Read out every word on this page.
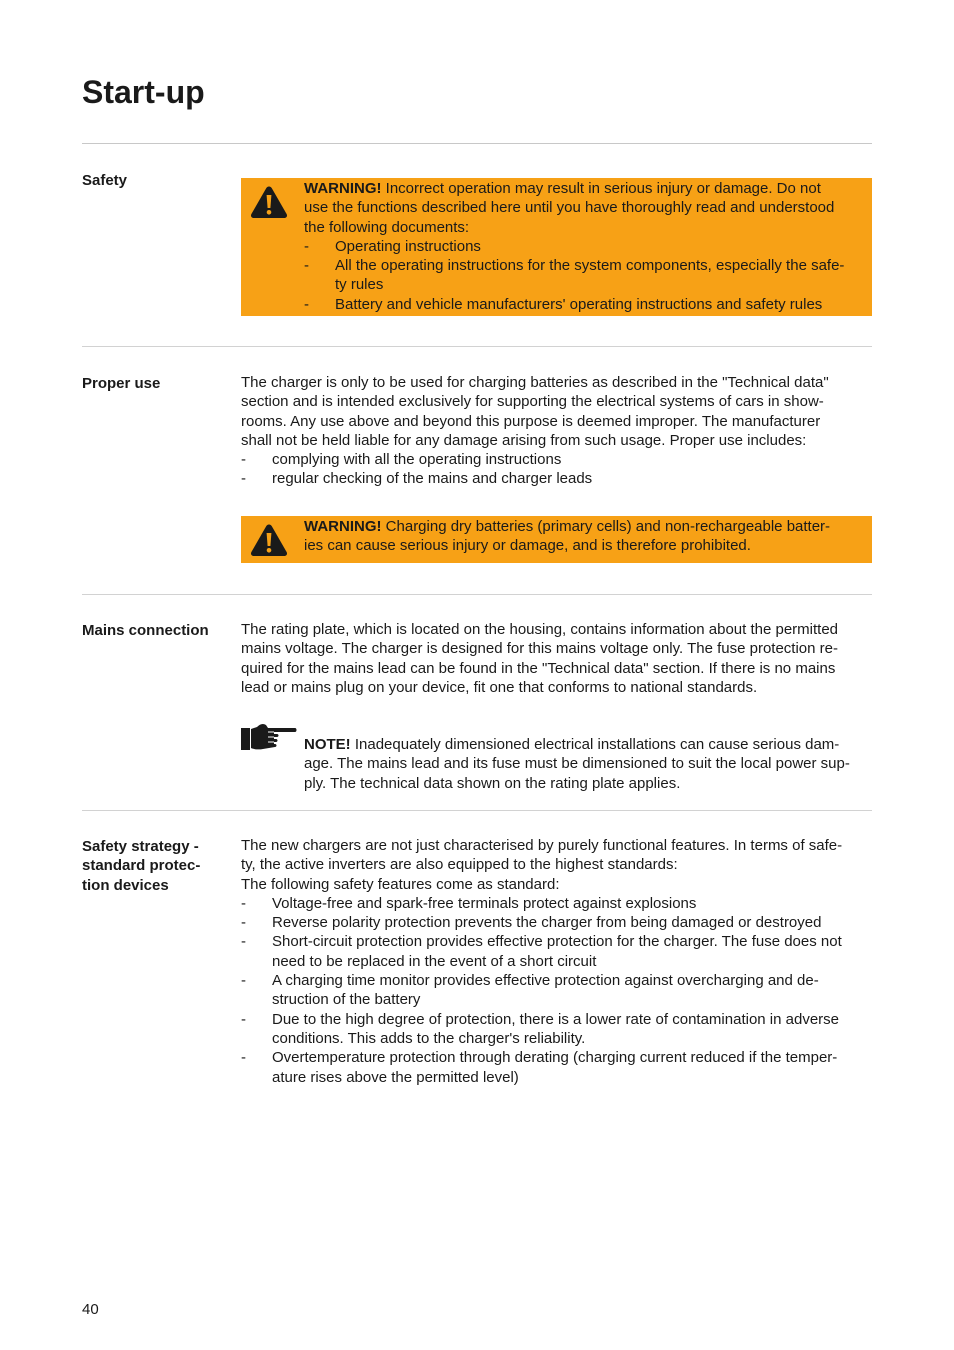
Start-up
Safety	WARNING! Incorrect operation may result in serious injury or damage. Do not
use the functions described here until you have thoroughly read and understood
the following documents:

- Operating instructions
- All the operating instructions for the system components, especially the safe-
ty rules
- Battery and vehicle manufacturers' operating instructions and safety rules
Proper use	The charger is only to be used for charging batteries as described in the "Technical data"
section and is intended exclusively for supporting the electrical systems of cars in show-
rooms. Any use above and beyond this purpose is deemed improper. The manufacturer
shall not be held liable for any damage arising from such usage. Proper use includes:

- complying with all the operating instructions
- regular checking of the mains and charger leads

WARNING! Charging dry batteries (primary cells) and non-rechargeable batter-
ies can cause serious injury or damage, and is therefore prohibited.

Mains connection	The rating plate, which is located on the housing, contains information about the permitted
mains voltage. The charger is designed for this mains voltage only. The fuse protection re-
quired for the mains lead can be found in the "Technical data" section. If there is no mains
lead or mains plug on your device, fit one that conforms to national standards.

NOTE! Inadequately dimensioned electrical installations can cause serious dam-
age. The mains lead and its fuse must be dimensioned to suit the local power sup-
ply. The technical data shown on the rating plate applies.

Safety strategy -
standard protec-
tion devices

The new chargers are not just characterised by purely functional features. In terms of safe-
ty, the active inverters are also equipped to the highest standards:
The following safety features come as standard:

- Voltage-free and spark-free terminals protect against explosions
- Reverse polarity protection prevents the charger from being damaged or destroyed
- Short-circuit protection provides effective protection for the charger. The fuse does not
need to be replaced in the event of a short circuit
- A charging time monitor provides effective protection against overcharging and de-
struction of the battery
- Due to the high degree of protection, there is a lower rate of contamination in adverse
conditions. This adds to the charger's reliability.
- Overtemperature protection through derating (charging current reduced if the temper-
ature rises above the permitted level)
40
